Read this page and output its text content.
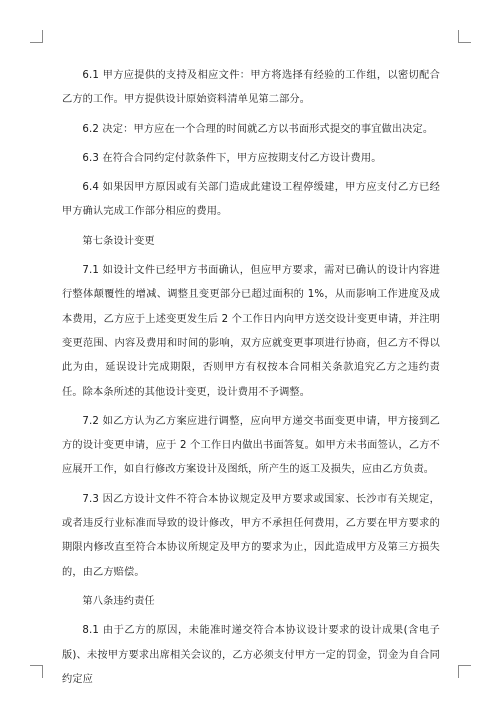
6.1 甲方应提供的支持及相应文件：甲方将选择有经验的工作组，以密切配合乙方的工作。甲方提供设计原始资料清单见第二部分。

6.2 决定：甲方应在一个合理的时间就乙方以书面形式提交的事宜做出决定。

6.3 在符合合同约定付款条件下，甲方应按期支付乙方设计费用。

6.4 如果因甲方原因或有关部门造成此建设工程停缓建，甲方应支付乙方已经甲方确认完成工作部分相应的费用。

第七条设计变更

7.1 如设计文件已经甲方书面确认，但应甲方要求，需对已确认的设计内容进行整体颠覆性的增减、调整且变更部分已超过面积的 1%，从而影响工作进度及成本费用，乙方应于上述变更发生后 2 个工作日内向甲方送交设计变更申请，并注明变更范围、内容及费用和时间的影响，双方应就变更事项进行协商，但乙方不得以此为由，延误设计完成期限，否则甲方有权按本合同相关条款追究乙方之违约责任。除本条所述的其他设计变更，设计费用不予调整。

7.2 如乙方认为乙方案应进行调整，应向甲方递交书面变更申请，甲方接到乙方的设计变更申请，应于 2 个工作日内做出书面答复。如甲方未书面签认，乙方不应展开工作，如自行修改方案设计及图纸，所产生的返工及损失，应由乙方负责。

7.3 因乙方设计文件不符合本协议规定及甲方要求或国家、长沙市有关规定，或者违反行业标准而导致的设计修改，甲方不承担任何费用，乙方要在甲方要求的期限内修改直至符合本协议所规定及甲方的要求为止，因此造成甲方及第三方损失的，由乙方赔偿。

第八条违约责任

8.1 由于乙方的原因，未能准时递交符合本协议设计要求的设计成果(含电子版)、未按甲方要求出席相关会议的，乙方必须支付甲方一定的罚金，罚金为自合同约定应
